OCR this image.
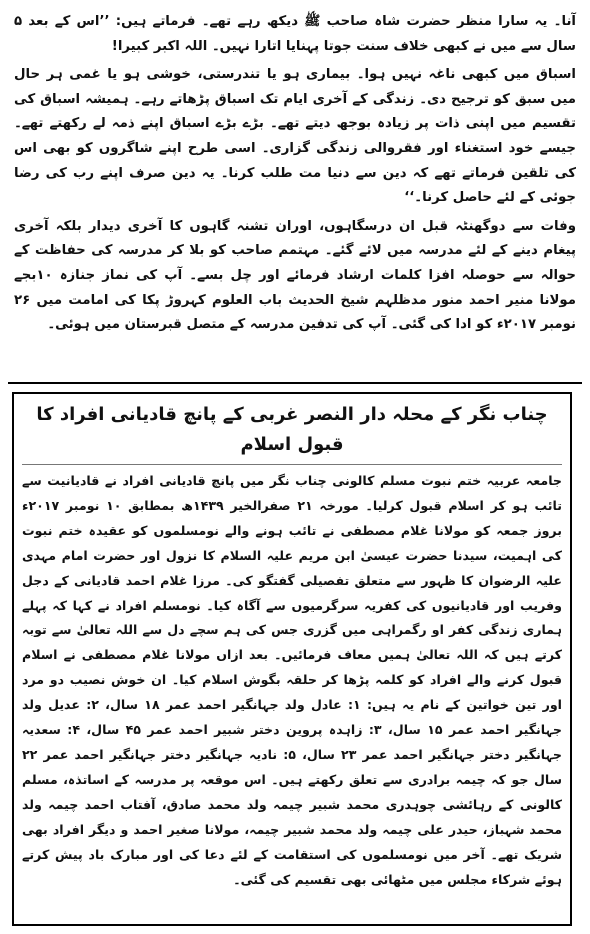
آنا۔ یہ سارا منظر حضرت شاہ صاحب ﷺ دیکھ رہے تھے۔ فرماتے ہیں: ’’اس کے بعد ۵ سال سے میں نے کبھی خلاف سنت جوتا پہنایا اتارا نہیں۔ اللہ اکبر کبیرا!

اسباق میں کبھی ناغہ نہیں ہوا۔ بیماری ہو یا تندرستی، خوشی ہو یا غمی ہر حال میں سبق کو ترجیح دی۔ زندگی کے آخری ایام تک اسباق پڑھاتے رہے۔ ہمیشہ اسباق کی تقسیم میں اپنی ذات پر زیادہ بوجھ دیتے تھے۔ بڑے بڑے اسباق اپنے ذمہ لے رکھتے تھے۔ جیسے خود استغناء اور فقروالی زندگی گزاری۔ اسی طرح اپنے شاگروں کو بھی اس کی تلقین فرماتے تھے کہ دین سے دنیا مت طلب کرنا۔ یہ دین صرف اپنے رب کی رضا جوئی کے لئے حاصل کرنا۔‘‘

وفات سے دوگھنٹہ قبل ان درسگاہوں، اوران تشنہ گاہوں کا آخری دیدار بلکہ آخری پیغام دینے کے لئے مدرسہ میں لائے گئے۔ مہتمم صاحب کو بلا کر مدرسہ کی حفاظت کے حوالہ سے حوصلہ افزا کلمات ارشاد فرمائے اور چل بسے۔ آپ کی نماز جنازہ ۱۰بجے مولانا منیر احمد منور مدظلہم شیخ الحدیث باب العلوم کہروڑ پکا کی امامت میں ۲۶ نومبر ۲۰۱۷ء کو ادا کی گئی۔ آپ کی تدفین مدرسہ کے متصل قبرستان میں ہوئی۔

چناب نگر کے محلہ دار النصر غربی کے پانچ قادیانی افراد کا قبول اسلام

جامعہ عربیہ ختم نبوت مسلم کالونی چناب نگر میں پانچ قادیانی افراد نے قادیانیت سے تائب ہو کر اسلام قبول کرلیا۔ مورخہ ۲۱ صفرالخیر ۱۴۳۹ھ بمطابق ۱۰ نومبر ۲۰۱۷ء بروز جمعہ کو مولانا غلام مصطفی نے تائب ہونے والے نومسلموں کو عقیدہ ختم نبوت کی اہمیت، سیدنا حضرت عیسیٰ ابن مریم علیہ السلام کا نزول اور حضرت امام مہدی علیہ الرضوان کا ظہور سے متعلق تفصیلی گفتگو کی۔ مرزا غلام احمد قادیانی کے دجل وفریب اور قادیانیوں کی کفریہ سرگرمیوں سے آگاہ کیا۔ نومسلم افراد نے کہا کہ پہلے ہماری زندگی کفر او رگمراہی میں گزری جس کی ہم سچے دل سے اللہ تعالیٰ سے توبہ کرتے ہیں کہ اللہ تعالیٰ ہمیں معاف فرمائیں۔ بعد ازاں مولانا غلام مصطفی نے اسلام قبول کرنے والے افراد کو کلمہ پڑھا کر حلقہ بگوش اسلام کیا۔ ان خوش نصیب دو مرد اور تین خواتین کے نام یہ ہیں: ۱: عادل ولد جہانگیر احمد عمر ۱۸ سال، ۲: عدیل ولد جہانگیر احمد عمر ۱۵ سال، ۳: زاہدہ پروین دختر شبیر احمد عمر ۴۵ سال، ۴: سعدیہ جہانگیر دختر جہانگیر احمد عمر ۲۳ سال، ۵: نادیہ جہانگیر دختر جہانگیر احمد عمر ۲۲ سال جو کہ چیمہ برادری سے تعلق رکھتے ہیں۔ اس موقعہ پر مدرسہ کے اساتذہ، مسلم کالونی کے رہائشی چوہدری محمد شبیر چیمہ ولد محمد صادق، آفتاب احمد چیمہ ولد محمد شہباز، حیدر علی چیمہ ولد محمد شبیر چیمہ، مولانا صغیر احمد و دیگر افراد بھی شریک تھے۔ آخر میں نومسلموں کی استقامت کے لئے دعا کی اور مبارک باد پیش کرتے ہوئے شرکاء مجلس میں مٹھائی بھی تقسیم کی گئی۔
